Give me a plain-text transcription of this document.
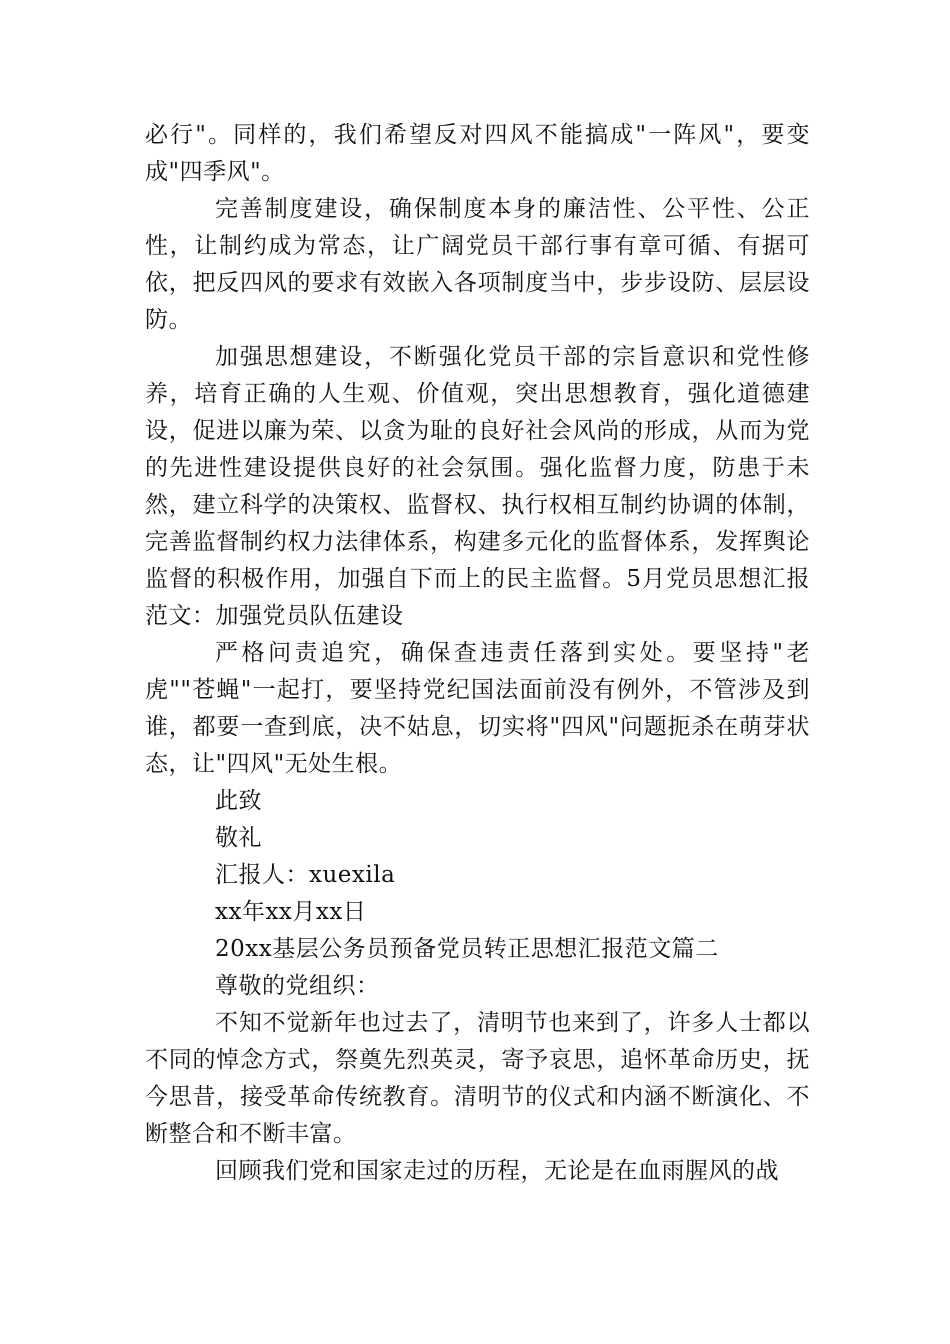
必行"。同样的，我们希望反对四风不能搞成"一阵风"，要变成"四季风"。

完善制度建设，确保制度本身的廉洁性、公平性、公正性，让制约成为常态，让广阔党员干部行事有章可循、有据可依，把反四风的要求有效嵌入各项制度当中，步步设防、层层设防。

加强思想建设，不断强化党员干部的宗旨意识和党性修养，培育正确的人生观、价值观，突出思想教育，强化道德建设，促进以廉为荣、以贪为耻的良好社会风尚的形成，从而为党的先进性建设提供良好的社会氛围。强化监督力度，防患于未然，建立科学的决策权、监督权、执行权相互制约协调的体制，完善监督制约权力法律体系，构建多元化的监督体系，发挥舆论监督的积极作用，加强自下而上的民主监督。5月党员思想汇报范文：加强党员队伍建设

严格问责追究，确保查违责任落到实处。要坚持"老虎""苍蝇"一起打，要坚持党纪国法面前没有例外，不管涉及到谁，都要一查到底，决不姑息，切实将"四风"问题扼杀在萌芽状态，让"四风"无处生根。

此致

敬礼

汇报人：xuexila

xx年xx月xx日

20xx基层公务员预备党员转正思想汇报范文篇二

尊敬的党组织：

不知不觉新年也过去了，清明节也来到了，许多人士都以不同的悼念方式，祭奠先烈英灵，寄予哀思，追怀革命历史，抚今思昔，接受革命传统教育。清明节的仪式和内涵不断演化、不断整合和不断丰富。

回顾我们党和国家走过的历程，无论是在血雨腥风的战
